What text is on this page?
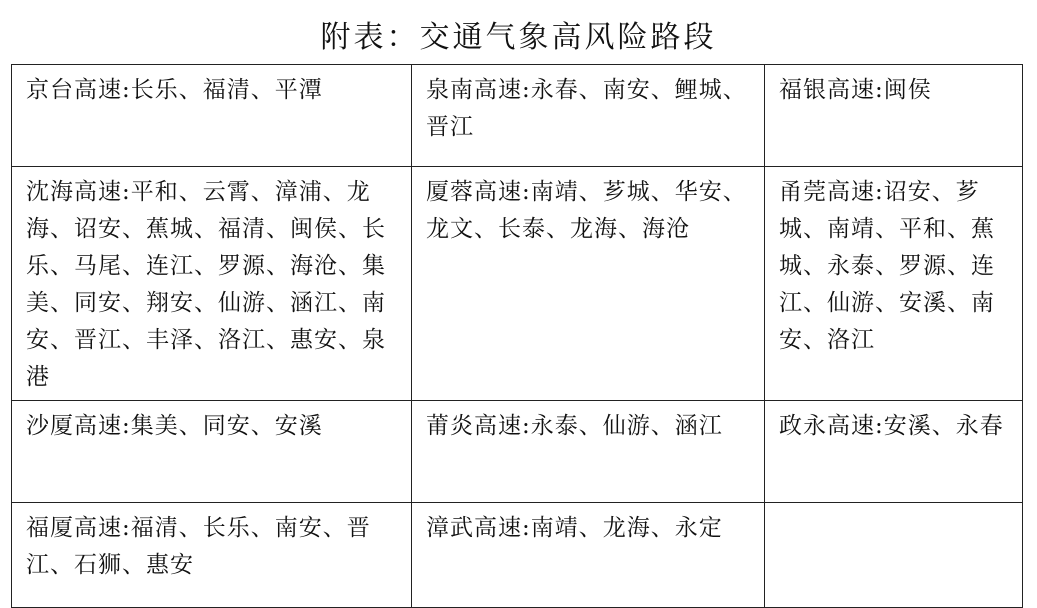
附表：交通气象高风险路段
京台高速:长乐、福清、平潭	泉南高速:永春、南安、鲤城、晋江	福银高速:闽侯
沈海高速:平和、云霄、漳浦、龙海、诏安、蕉城、福清、闽侯、长乐、马尾、连江、罗源、海沧、集美、同安、翔安、仙游、涵江、南安、晋江、丰泽、洛江、惠安、泉港	厦蓉高速:南靖、芗城、华安、龙文、长泰、龙海、海沧	甬莞高速:诏安、芗城、南靖、平和、蕉城、永泰、罗源、连江、仙游、安溪、南安、洛江
沙厦高速:集美、同安、安溪	莆炎高速:永泰、仙游、涵江	政永高速:安溪、永春
福厦高速:福清、长乐、南安、晋江、石狮、惠安	漳武高速:南靖、龙海、永定	
